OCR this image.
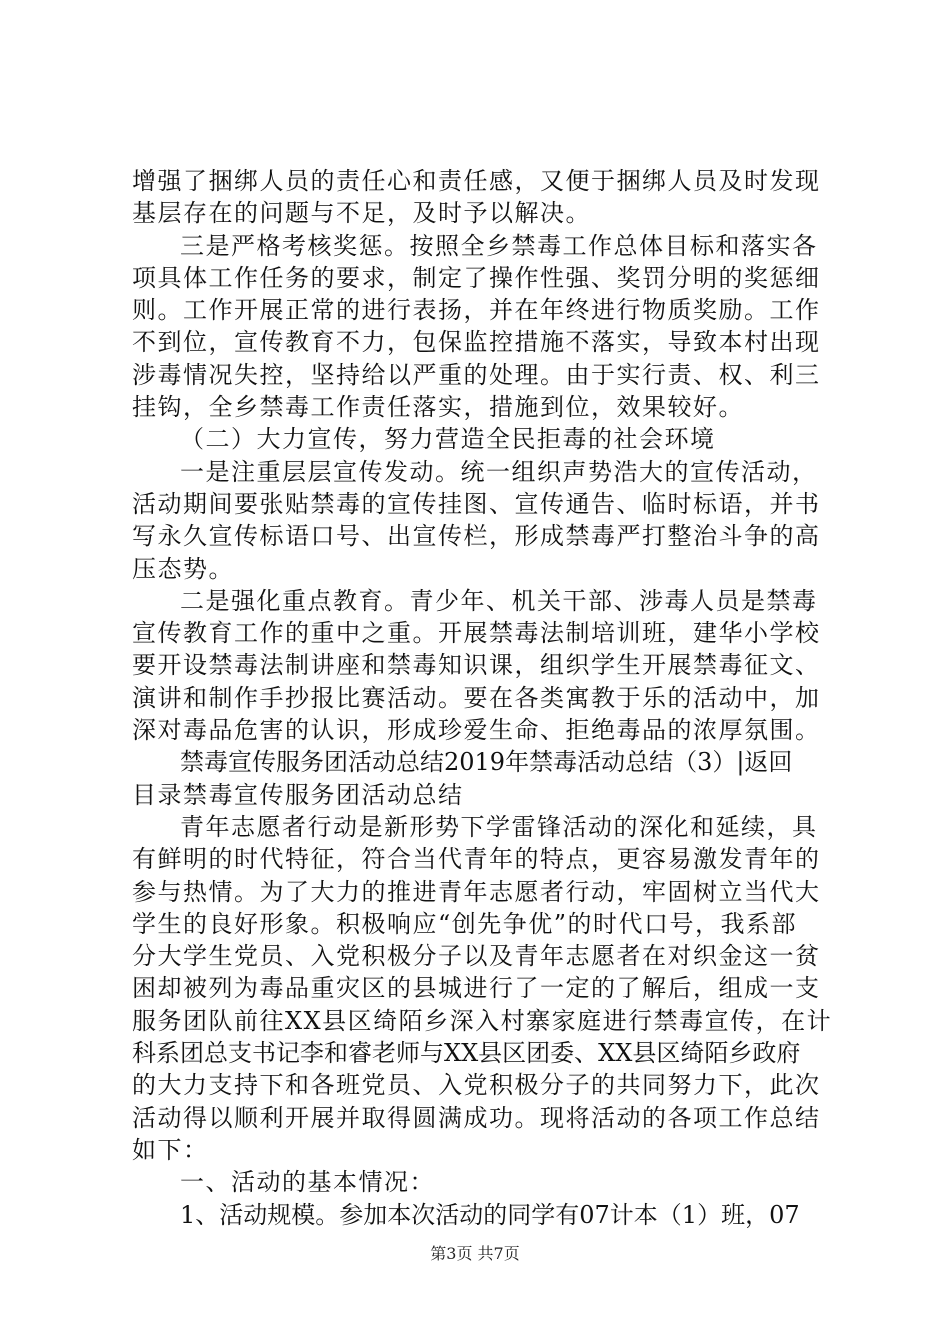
增强了捆绑人员的责任心和责任感，又便于捆绑人员及时发现
基层存在的问题与不足，及时予以解决。
三是严格考核奖惩。按照全乡禁毒工作总体目标和落实各
项具体工作任务的要求，制定了操作性强、奖罚分明的奖惩细
则。工作开展正常的进行表扬，并在年终进行物质奖励。工作
不到位，宣传教育不力，包保监控措施不落实，导致本村出现
涉毒情况失控，坚持给以严重的处理。由于实行责、权、利三
挂钩，全乡禁毒工作责任落实，措施到位，效果较好。
（二）大力宣传，努力营造全民拒毒的社会环境
一是注重层层宣传发动。统一组织声势浩大的宣传活动，
活动期间要张贴禁毒的宣传挂图、宣传通告、临时标语，并书
写永久宣传标语口号、出宣传栏，形成禁毒严打整治斗争的高
压态势。
二是强化重点教育。青少年、机关干部、涉毒人员是禁毒
宣传教育工作的重中之重。开展禁毒法制培训班，建华小学校
要开设禁毒法制讲座和禁毒知识课，组织学生开展禁毒征文、
演讲和制作手抄报比赛活动。要在各类寓教于乐的活动中，加
深对毒品危害的认识，形成珍爱生命、拒绝毒品的浓厚氛围。
禁毒宣传服务团活动总结2019年禁毒活动总结（3）|返回
目录禁毒宣传服务团活动总结
青年志愿者行动是新形势下学雷锋活动的深化和延续，具
有鲜明的时代特征，符合当代青年的特点，更容易激发青年的
参与热情。为了大力的推进青年志愿者行动，牢固树立当代大
学生的良好形象。积极响应“创先争优”的时代口号，我系部
分大学生党员、入党积极分子以及青年志愿者在对织金这一贫
困却被列为毒品重灾区的县城进行了一定的了解后，组成一支
服务团队前往XX县区绮陌乡深入村寨家庭进行禁毒宣传，在计
科系团总支书记李和睿老师与XX县区团委、XX县区绮陌乡政府
的大力支持下和各班党员、入党积极分子的共同努力下，此次
活动得以顺利开展并取得圆满成功。现将活动的各项工作总结
如下：
一、活动的基本情况：
1、活动规模。参加本次活动的同学有07计本（1）班，07
第3页 共7页
